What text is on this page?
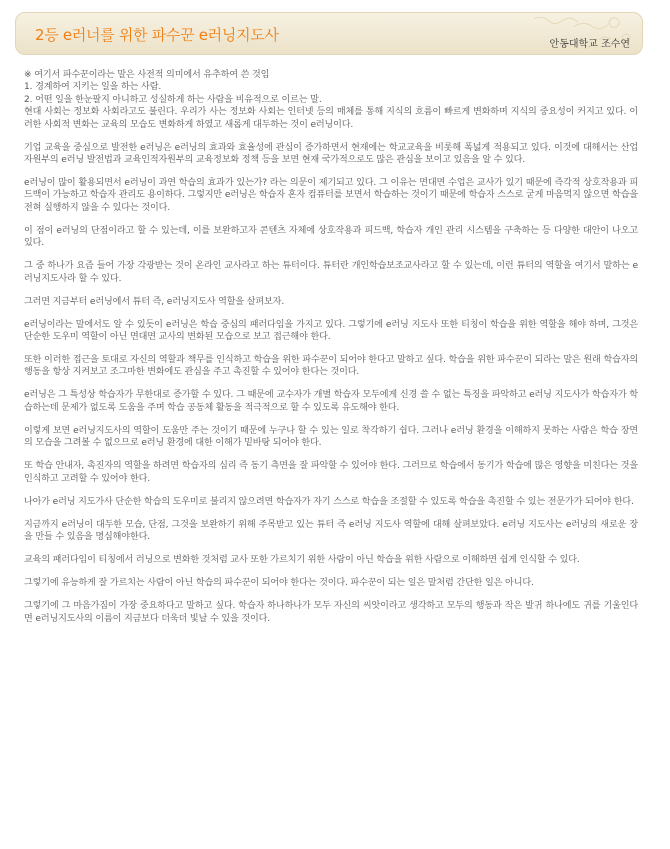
2등 e러너를 위한 파수꾼 e러닝지도사
안동대학교 조수연
※ 여기서 파수꾼이라는 말은 사전적 의미에서 유추하여 쓴 것임
1. 경계하여 지키는 일을 하는 사람.
2. 어떤 일을 한눈팔지 아니하고 성실하게 하는 사람을 비유적으로 이르는 말.

현대 사회는 정보화 사회라고도 불린다. 우리가 사는 정보화 사회는 인터넷 등의 매체를 통해 지식의 흐름이 빠르게 변화하며 지식의 중요성이 커지고 있다. 이러한 사회적 변화는 교육의 모습도 변화하게 하였고 새롭게 대두하는 것이 e러닝이다.

기업 교육을 중심으로 발전한 e러닝은 e러닝의 효과와 효율성에 관심이 증가하면서 현재에는 학교교육을 비롯해 폭넓게 적용되고 있다. 이것에 대해서는 산업자원부의 e러닝 발전법과 교육인적자원부의 교육정보화 정책 등을 보면 현재 국가적으로도 많은 관심을 보이고 있음을 알 수 있다.

e러닝이 많이 활용되면서 e러닝이 과연 학습의 효과가 있는가? 라는 의문이 제기되고 있다. 그 이유는 면대면 수업은 교사가 있기 때문에 즉각적 상호작용과 피드백이 가능하고 학습자 관리도 용이하다. 그렇지만 e러닝은 학습자 혼자 컴퓨터를 보면서 학습하는 것이기 때문에 학습자 스스로 굳게 마음먹지 않으면 학습을 전혀 실행하지 않을 수 있다는 것이다.

이 점이 e러닝의 단점이라고 할 수 있는데, 이를 보완하고자 콘텐츠 자체에 상호작용과 피드백, 학습자 개인 관리 시스템을 구축하는 등 다양한 대안이 나오고 있다.

그 중 하나가 요즘 들어 가장 각광받는 것이 온라인 교사라고 하는 튜터이다. 튜터란 개인학습보조교사라고 할 수 있는데, 이런 튜터의 역할을 여기서 말하는 e러닝지도사라 할 수 있다.

그러면 지금부터 e러닝에서 튜터 즉, e러닝지도사 역할을 살펴보자.

e러닝이라는 말에서도 알 수 있듯이 e러닝은 학습 중심의 패러다임을 가지고 있다. 그렇기에 e러닝 지도사 또한 티칭이 학습을 위한 역할을 해야 하며, 그것은 단순한 도우미 역할이 아닌 면대면 교사의 변화된 모습으로 보고 접근해야 한다.

또한 이러한 접근을 토대로 자신의 역할과 책무를 인식하고 학습을 위한 파수꾼이 되어야 한다고 말하고 싶다. 학습을 위한 파수꾼이 되라는 말은 원래 학습자의 행동을 항상 지켜보고 조그마한 변화에도 관심을 주고 촉진할 수 있어야 한다는 것이다.

e러닝은 그 특성상 학습자가 무한대로 증가할 수 있다. 그 때문에 교수자가 개별 학습자 모두에게 신경 쓸 수 없는 특징을 파악하고 e러닝 지도사가 학습자가 학습하는데 문제가 없도록 도움을 주며 학습 공동체 활동을 적극적으로 할 수 있도록 유도해야 한다.

이렇게 보면 e러닝지도사의 역할이 도움만 주는 것이기 때문에 누구나 할 수 있는 일로 착각하기 쉽다. 그러나 e러닝 환경을 이해하지 못하는 사람은 학습 장면의 모습을 그려볼 수 없으므로 e러닝 환경에 대한 이해가 밑바탕 되어야 한다.

또 학습 안내자, 촉진자의 역할을 하려면 학습자의 심리 즉 동기 측면을 잘 파악할 수 있어야 한다. 그러므로 학습에서 동기가 학습에 많은 영향을 미친다는 것을 인식하고 고려할 수 있어야 한다.

나아가 e러닝 지도가사 단순한 학습의 도우미로 불리지 않으려면 학습자가 자기 스스로 학습을 조절할 수 있도록 학습을 촉진할 수 있는 전문가가 되어야 한다.

지금까지 e러닝이 대두한 모습, 단점, 그것을 보완하기 위해 주목받고 있는 튜터 즉 e러닝 지도사 역할에 대해 살펴보았다. e러닝 지도사는 e러닝의 새로운 장을 만들 수 있음을 명심해야한다.

교육의 패러다임이 티칭에서 러닝으로 변화한 것처럼 교사 또한 가르치기 위한 사람이 아닌 학습을 위한 사람으로 이해하면 쉽게 인식할 수 있다.

그렇기에 유능하게 잘 가르치는 사람이 아닌 학습의 파수꾼이 되어야 한다는 것이다. 파수꾼이 되는 일은 말처럼 간단한 일은 아니다.

그렇기에 그 마음가짐이 가장 중요하다고 말하고 싶다. 학습자 하나하나가 모두 자신의 씨앗이라고 생각하고 모두의 행동과 작은 발귀 하나에도 귀를 기울인다면 e러닝지도사의 이름이 지금보다 더욱더 빛날 수 있을 것이다.
